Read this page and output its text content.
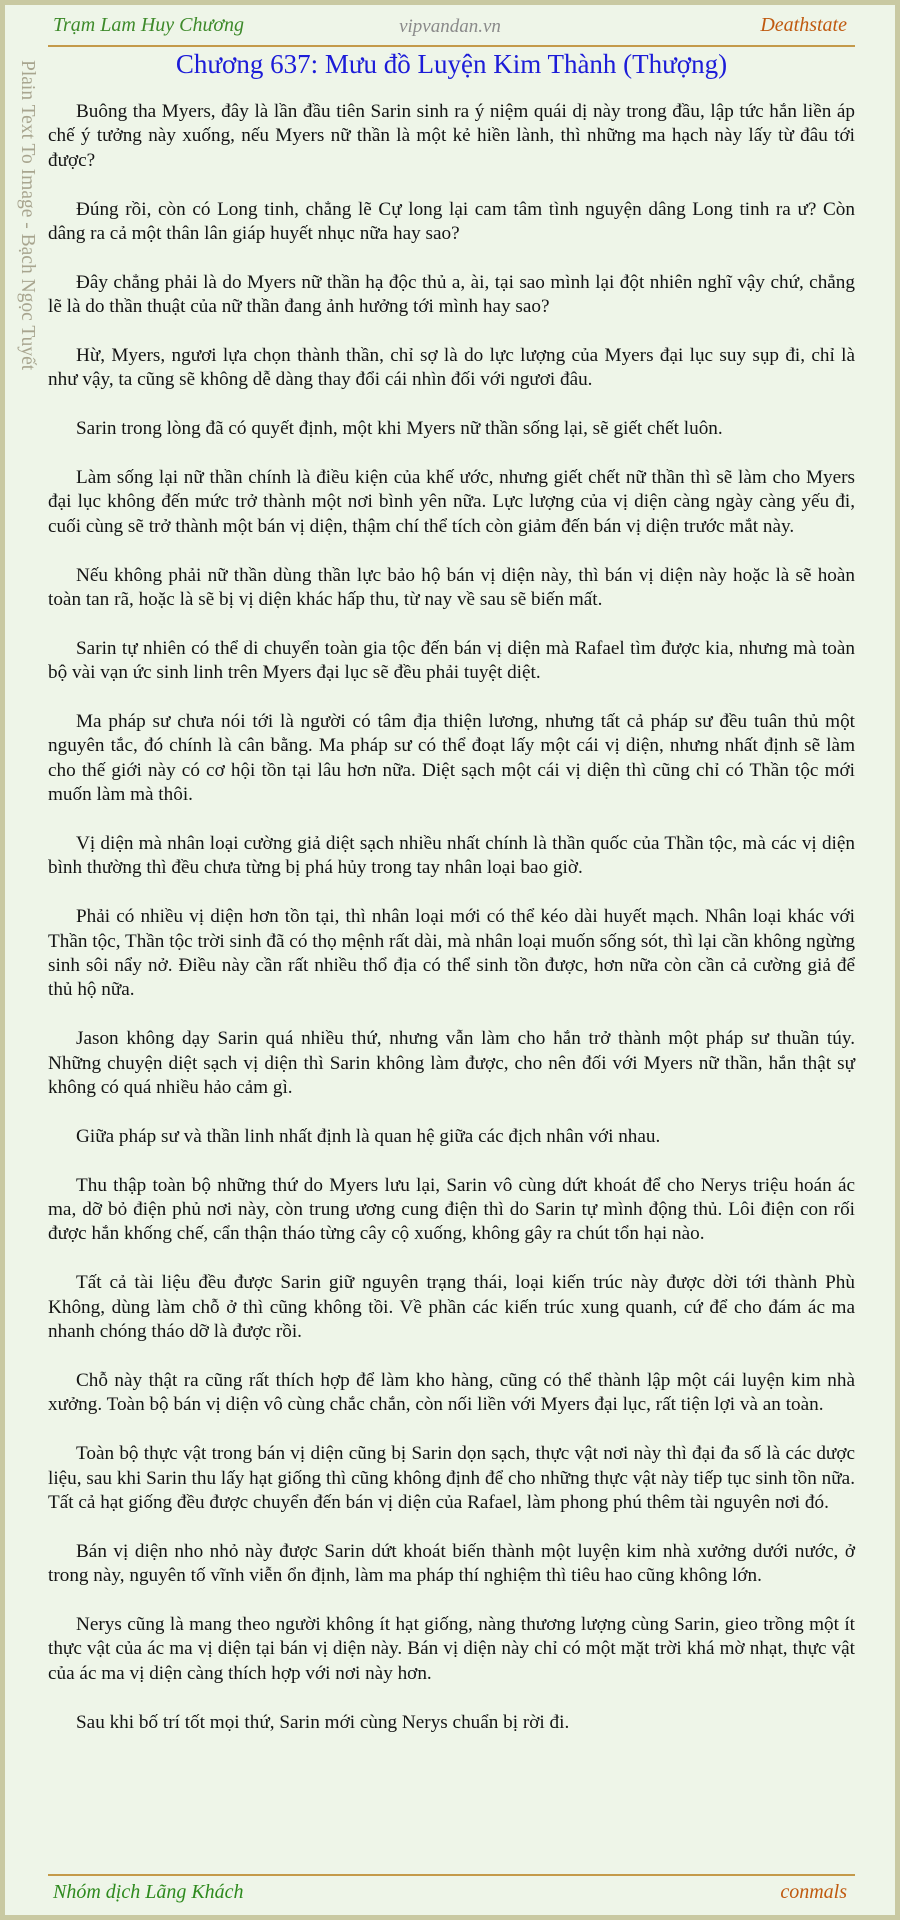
Trạm Lam Huy Chương	vipvandan.vn	Deathstate
Chương 637: Mưu đồ Luyện Kim Thành (Thượng)
Plain Text To Image - Bạch Ngọc Tuyết	Buông tha Myers, đây là lần đầu tiên Sarin sinh ra ý niệm quái dị này trong đầu, lập tức hắn liền áp chế ý tưởng này xuống, nếu Myers nữ thần là một kẻ hiền lành, thì những ma hạch này lấy từ đâu tới được?

Đúng rồi, còn có Long tinh, chẳng lẽ Cự long lại cam tâm tình nguyện dâng Long tinh ra ư? Còn dâng ra cả một thân lân giáp huyết nhục nữa hay sao?

Đây chẳng phải là do Myers nữ thần hạ độc thủ a, ài, tại sao mình lại đột nhiên nghĩ vậy chứ, chẳng lẽ là do thần thuật của nữ thần đang ảnh hưởng tới mình hay sao?

Hừ, Myers, ngươi lựa chọn thành thần, chỉ sợ là do lực lượng của Myers đại lục suy sụp đi, chỉ là như vậy, ta cũng sẽ không dễ dàng thay đổi cái nhìn đối với ngươi đâu.

Sarin trong lòng đã có quyết định, một khi Myers nữ thần sống lại, sẽ giết chết luôn.

Làm sống lại nữ thần chính là điều kiện của khế ước, nhưng giết chết nữ thần thì sẽ làm cho Myers đại lục không đến mức trở thành một nơi bình yên nữa. Lực lượng của vị diện càng ngày càng yếu đi, cuối cùng sẽ trở thành một bán vị diện, thậm chí thể tích còn giảm đến bán vị diện trước mắt này.

Nếu không phải nữ thần dùng thần lực bảo hộ bán vị diện này, thì bán vị diện này hoặc là sẽ hoàn toàn tan rã, hoặc là sẽ bị vị diện khác hấp thu, từ nay về sau sẽ biến mất.

Sarin tự nhiên có thể di chuyển toàn gia tộc đến bán vị diện mà Rafael tìm được kia, nhưng mà toàn bộ vài vạn ức sinh linh trên Myers đại lục sẽ đều phải tuyệt diệt.

Ma pháp sư chưa nói tới là người có tâm địa thiện lương, nhưng tất cả pháp sư đều tuân thủ một nguyên tắc, đó chính là cân bằng. Ma pháp sư có thể đoạt lấy một cái vị diện, nhưng nhất định sẽ làm cho thế giới này có cơ hội tồn tại lâu hơn nữa. Diệt sạch một cái vị diện thì cũng chỉ có Thần tộc mới muốn làm mà thôi.

Vị diện mà nhân loại cường giả diệt sạch nhiều nhất chính là thần quốc của Thần tộc, mà các vị diện bình thường thì đều chưa từng bị phá hủy trong tay nhân loại bao giờ.

Phải có nhiều vị diện hơn tồn tại, thì nhân loại mới có thể kéo dài huyết mạch. Nhân loại khác với Thần tộc, Thần tộc trời sinh đã có thọ mệnh rất dài, mà nhân loại muốn sống sót, thì lại cần không ngừng sinh sôi nẩy nở. Điều này cần rất nhiều thổ địa có thể sinh tồn được, hơn nữa còn cần cả cường giả để thủ hộ nữa.

Jason không dạy Sarin quá nhiều thứ, nhưng vẫn làm cho hắn trở thành một pháp sư thuần túy. Những chuyện diệt sạch vị diện thì Sarin không làm được, cho nên đối với Myers nữ thần, hắn thật sự không có quá nhiều hảo cảm gì.

Giữa pháp sư và thần linh nhất định là quan hệ giữa các địch nhân với nhau.

Thu thập toàn bộ những thứ do Myers lưu lại, Sarin vô cùng dứt khoát để cho Nerys triệu hoán ác ma, dỡ bỏ điện phủ nơi này, còn trung ương cung điện thì do Sarin tự mình động thủ. Lôi điện con rối được hắn khống chế, cẩn thận tháo từng cây cộ xuống, không gây ra chút tổn hại nào.

Tất cả tài liệu đều được Sarin giữ nguyên trạng thái, loại kiến trúc này được dời tới thành Phù Không, dùng làm chỗ ở thì cũng không tồi. Về phần các kiến trúc xung quanh, cứ để cho đám ác ma nhanh chóng tháo dỡ là được rồi.

Chỗ này thật ra cũng rất thích hợp để làm kho hàng, cũng có thể thành lập một cái luyện kim nhà xưởng. Toàn bộ bán vị diện vô cùng chắc chắn, còn nối liền với Myers đại lục, rất tiện lợi và an toàn.

Toàn bộ thực vật trong bán vị diện cũng bị Sarin dọn sạch, thực vật nơi này thì đại đa số là các dược liệu, sau khi Sarin thu lấy hạt giống thì cũng không định để cho những thực vật này tiếp tục sinh tồn nữa. Tất cả hạt giống đều được chuyển đến bán vị diện của Rafael, làm phong phú thêm tài nguyên nơi đó.

Bán vị diện nho nhỏ này được Sarin dứt khoát biến thành một luyện kim nhà xưởng dưới nước, ở trong này, nguyên tố vĩnh viễn ổn định, làm ma pháp thí nghiệm thì tiêu hao cũng không lớn.

Nerys cũng là mang theo người không ít hạt giống, nàng thương lượng cùng Sarin, gieo trồng một ít thực vật của ác ma vị diện tại bán vị diện này. Bán vị diện này chỉ có một mặt trời khá mờ nhạt, thực vật của ác ma vị diện càng thích hợp với nơi này hơn.

Sau khi bố trí tốt mọi thứ, Sarin mới cùng Nerys chuẩn bị rời đi.

Nhóm dịch Lãng Khách	conmals
